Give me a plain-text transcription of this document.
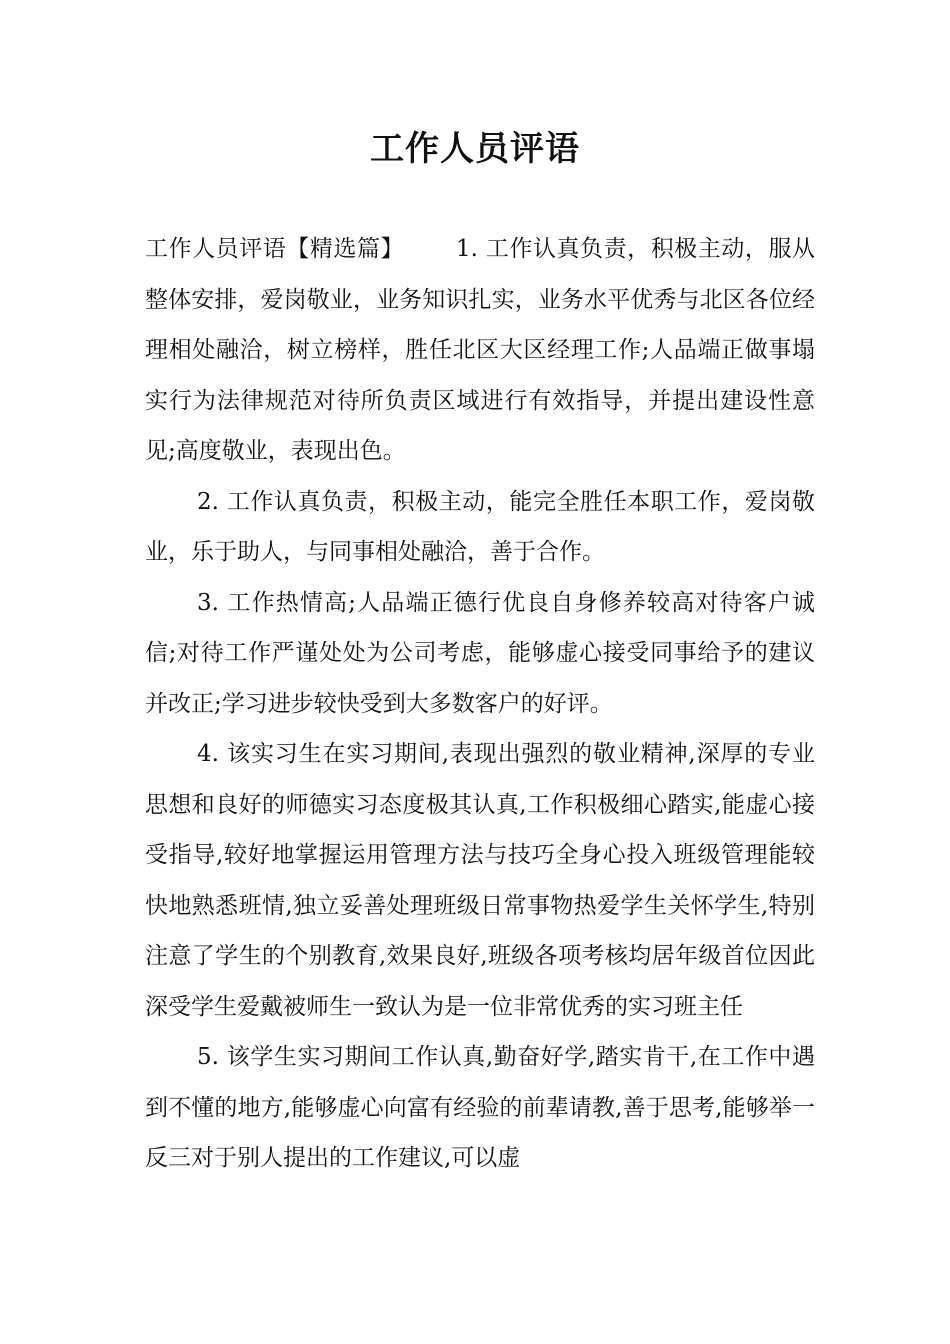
工作人员评语

工作人员评语【精选篇】 1. 工作认真负责，积极主动，服从整体安排，爱岗敬业，业务知识扎实，业务水平优秀与北区各位经理相处融洽，树立榜样，胜任北区大区经理工作;人品端正做事塌实行为法律规范对待所负责区域进行有效指导，并提出建设性意见;高度敬业，表现出色。

2. 工作认真负责，积极主动，能完全胜任本职工作，爱岗敬业，乐于助人，与同事相处融洽，善于合作。

3. 工作热情高;人品端正德行优良自身修养较高对待客户诚信;对待工作严谨处处为公司考虑，能够虚心接受同事给予的建议并改正;学习进步较快受到大多数客户的好评。

4. 该实习生在实习期间,表现出强烈的敬业精神,深厚的专业思想和良好的师德实习态度极其认真,工作积极细心踏实,能虚心接受指导,较好地掌握运用管理方法与技巧全身心投入班级管理能较快地熟悉班情,独立妥善处理班级日常事物热爱学生关怀学生,特别注意了学生的个别教育,效果良好,班级各项考核均居年级首位因此深受学生爱戴被师生一致认为是一位非常优秀的实习班主任

5. 该学生实习期间工作认真,勤奋好学,踏实肯干,在工作中遇到不懂的地方,能够虚心向富有经验的前辈请教,善于思考,能够举一反三对于别人提出的工作建议,可以虚
